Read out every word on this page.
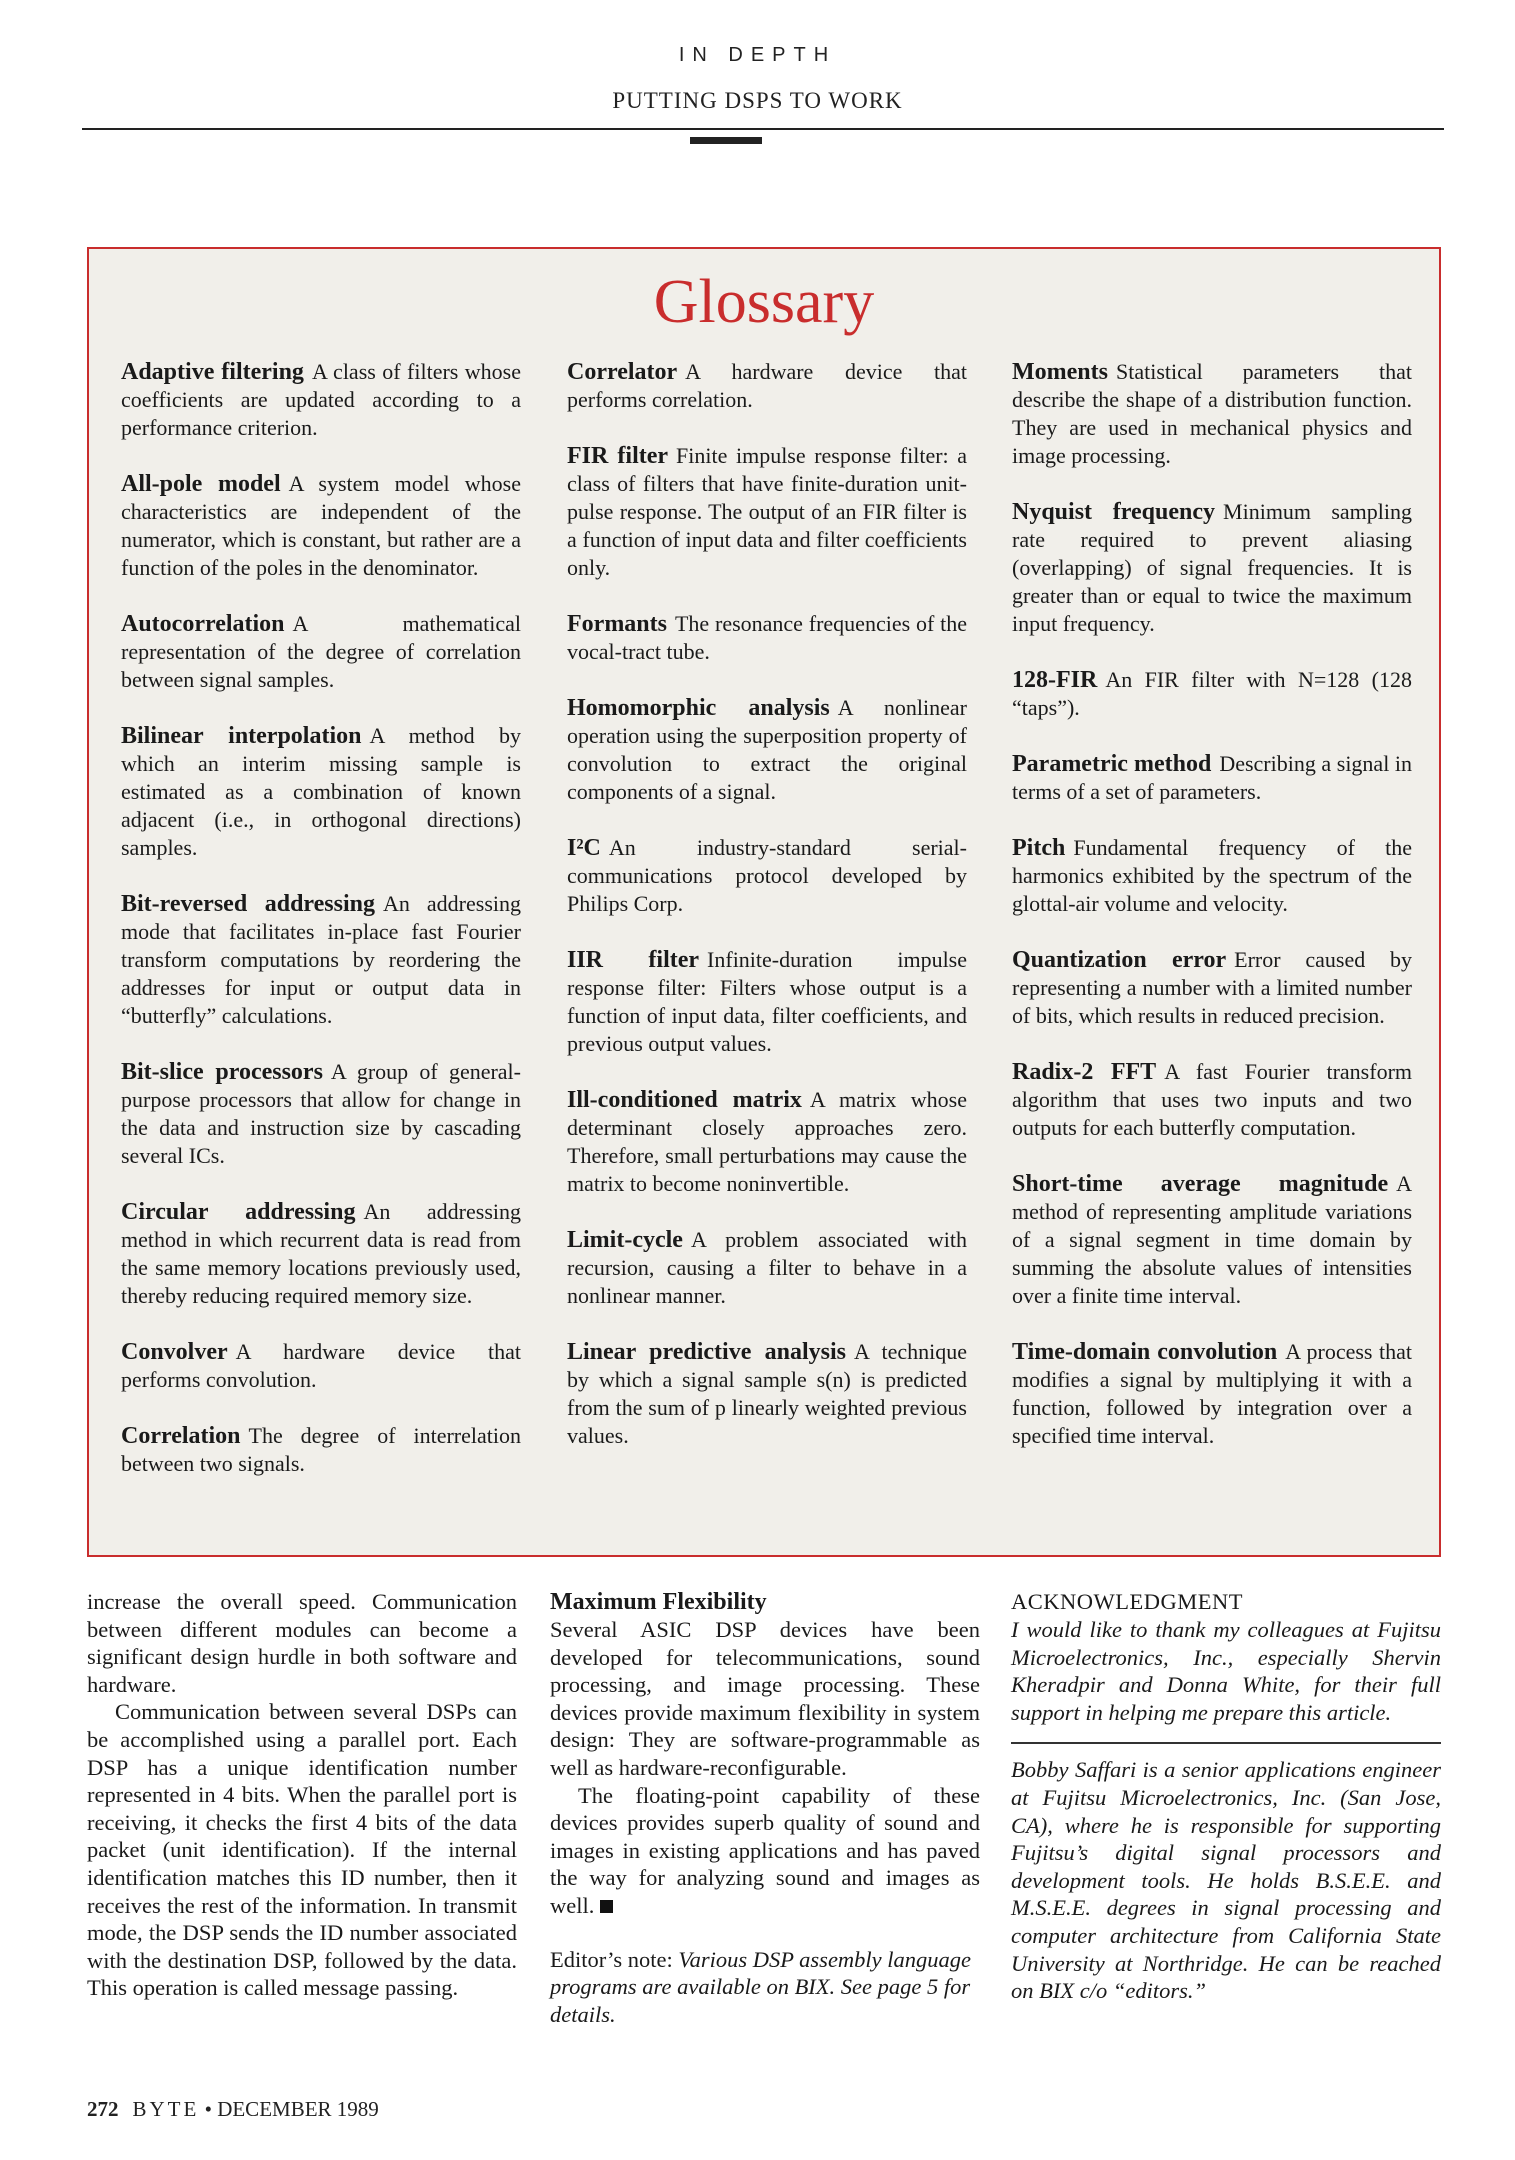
IN DEPTH
PUTTING DSPS TO WORK
Glossary

Adaptive filtering A class of filters whose coefficients are updated according to a performance criterion.

All-pole model A system model whose characteristics are independent of the numerator, which is constant, but rather are a function of the poles in the denominator.

Autocorrelation A mathematical representation of the degree of correlation between signal samples.

Bilinear interpolation A method by which an interim missing sample is estimated as a combination of known adjacent (i.e., in orthogonal directions) samples.

Bit-reversed addressing An addressing mode that facilitates in-place fast Fourier transform computations by reordering the addresses for input or output data in “butterfly” calculations.

Bit-slice processors A group of general-purpose processors that allow for change in the data and instruction size by cascading several ICs.

Circular addressing An addressing method in which recurrent data is read from the same memory locations previously used, thereby reducing required memory size.

Convolver A hardware device that performs convolution.

Correlation The degree of interrelation between two signals.

Correlator A hardware device that performs correlation.

FIR filter Finite impulse response filter: a class of filters that have finite-duration unit-pulse response. The output of an FIR filter is a function of input data and filter coefficients only.

Formants The resonance frequencies of the vocal-tract tube.

Homomorphic analysis A nonlinear operation using the superposition property of convolution to extract the original components of a signal.

I²C An industry-standard serial-communications protocol developed by Philips Corp.

IIR filter Infinite-duration impulse response filter: Filters whose output is a function of input data, filter coefficients, and previous output values.

Ill-conditioned matrix A matrix whose determinant closely approaches zero. Therefore, small perturbations may cause the matrix to become noninvertible.

Limit-cycle A problem associated with recursion, causing a filter to behave in a nonlinear manner.

Linear predictive analysis A technique by which a signal sample s(n) is predicted from the sum of p linearly weighted previous values.

Moments Statistical parameters that describe the shape of a distribution function. They are used in mechanical physics and image processing.

Nyquist frequency Minimum sampling rate required to prevent aliasing (overlapping) of signal frequencies. It is greater than or equal to twice the maximum input frequency.

128-FIR An FIR filter with N=128 (128 “taps”).

Parametric method Describing a signal in terms of a set of parameters.

Pitch Fundamental frequency of the harmonics exhibited by the spectrum of the glottal-air volume and velocity.

Quantization error Error caused by representing a number with a limited number of bits, which results in reduced precision.

Radix-2 FFT A fast Fourier transform algorithm that uses two inputs and two outputs for each butterfly computation.

Short-time average magnitude A method of representing amplitude variations of a signal segment in time domain by summing the absolute values of intensities over a finite time interval.

Time-domain convolution A process that modifies a signal by multiplying it with a function, followed by integration over a specified time interval.

increase the overall speed. Communication between different modules can become a significant design hurdle in both software and hardware.

Communication between several DSPs can be accomplished using a parallel port. Each DSP has a unique identification number represented in 4 bits. When the parallel port is receiving, it checks the first 4 bits of the data packet (unit identification). If the internal identification matches this ID number, then it receives the rest of the information. In transmit mode, the DSP sends the ID number associated with the destination DSP, followed by the data. This operation is called message passing.

Maximum Flexibility

Several ASIC DSP devices have been developed for telecommunications, sound processing, and image processing. These devices provide maximum flexibility in system design: They are software-programmable as well as hardware-reconfigurable.

The floating-point capability of these devices provides superb quality of sound and images in existing applications and has paved the way for analyzing sound and images as well.

Editor’s note: Various DSP assembly language programs are available on BIX. See page 5 for details.

ACKNOWLEDGMENT

I would like to thank my colleagues at Fujitsu Microelectronics, Inc., especially Shervin Kheradpir and Donna White, for their full support in helping me prepare this article.

Bobby Saffari is a senior applications engineer at Fujitsu Microelectronics, Inc. (San Jose, CA), where he is responsible for supporting Fujitsu’s digital signal processors and development tools. He holds B.S.E.E. and M.S.E.E. degrees in signal processing and computer architecture from California State University at Northridge. He can be reached on BIX c/o “editors.”

272 BYTE • DECEMBER 1989
